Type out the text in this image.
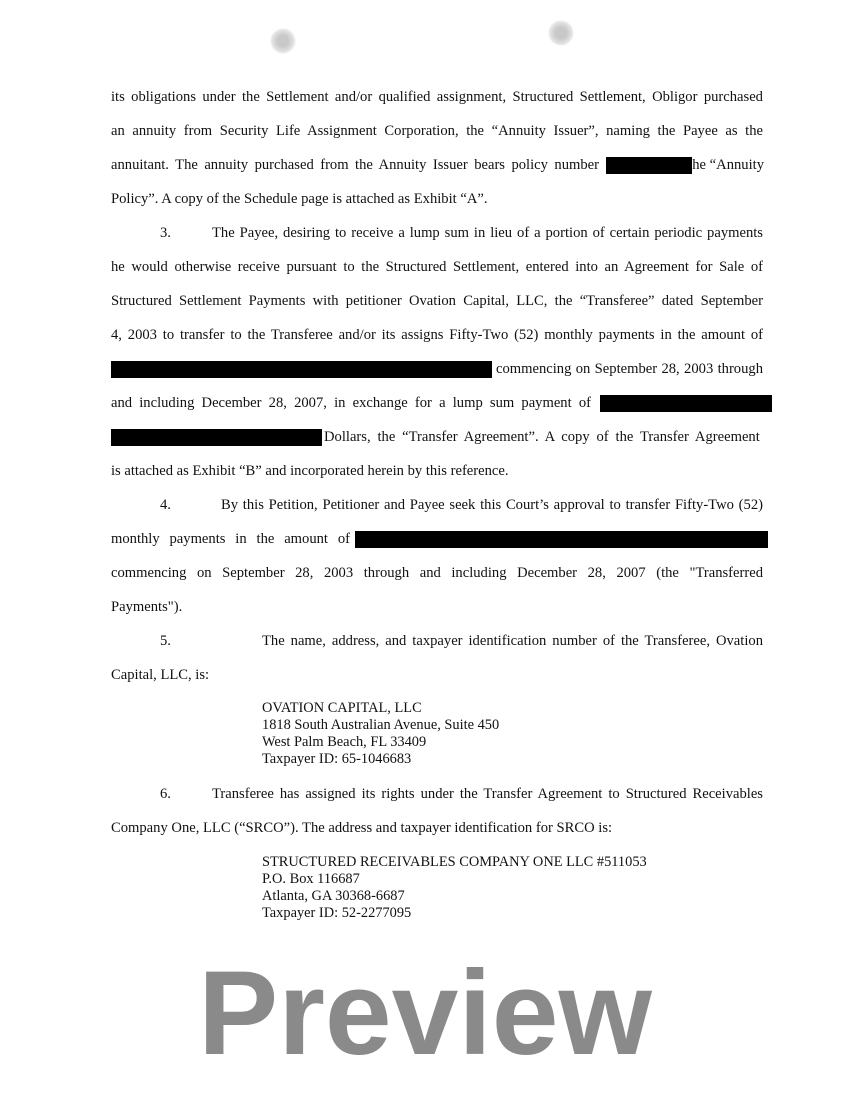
its obligations under the Settlement and/or qualified assignment, Structured Settlement, Obligor purchased
an annuity from Security Life Assignment Corporation, the “Annuity Issuer”, naming the Payee as the
annuitant. The annuity purchased from the Annuity Issuer bears policy number	he “Annuity
Policy”. A copy of the Schedule page is attached as Exhibit “A”.
3.	The Payee, desiring to receive a lump sum in lieu of a portion of certain periodic payments
he would otherwise receive pursuant to the Structured Settlement, entered into an Agreement for Sale of
Structured Settlement Payments with petitioner Ovation Capital, LLC, the “Transferee” dated September
4, 2003 to transfer to the Transferee and/or its assigns Fifty-Two (52) monthly payments in the amount of
commencing on September 28, 2003 through
and including December 28, 2007, in exchange for a lump sum payment of
Dollars, the “Transfer Agreement”. A copy of the Transfer Agreement
is attached as Exhibit “B” and incorporated herein by this reference.
4.	By this Petition, Petitioner and Payee seek this Court’s approval to transfer Fifty-Two (52)
monthly payments in the amount of
commencing on September 28, 2003 through and including December 28, 2007 (the "Transferred
Payments").
5.	The name, address, and taxpayer identification number of the Transferee, Ovation
Capital, LLC, is:
OVATION CAPITAL, LLC
1818 South Australian Avenue, Suite 450
West Palm Beach, FL 33409
Taxpayer ID: 65-1046683
6.	Transferee has assigned its rights under the Transfer Agreement to Structured Receivables
Company One, LLC (“SRCO”). The address and taxpayer identification for SRCO is:
STRUCTURED RECEIVABLES COMPANY ONE LLC #511053
P.O. Box 116687
Atlanta, GA 30368-6687
Taxpayer ID: 52-2277095
Preview
